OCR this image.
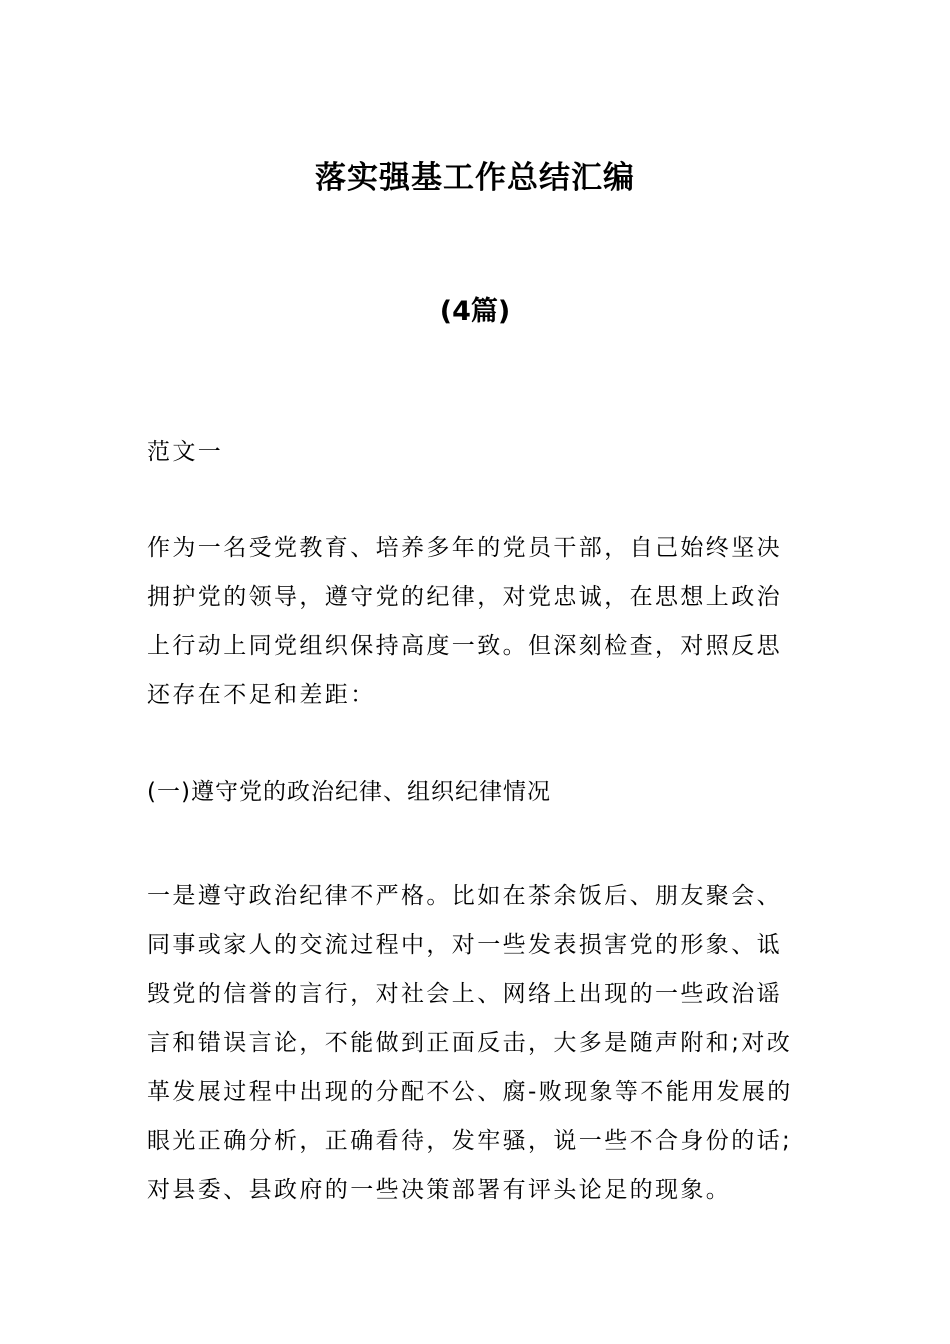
落实强基工作总结汇编
(4篇)

范文一

作为一名受党教育、培养多年的党员干部，自己始终坚决拥护党的领导，遵守党的纪律，对党忠诚，在思想上政治上行动上同党组织保持高度一致。但深刻检查，对照反思还存在不足和差距：

(一)遵守党的政治纪律、组织纪律情况

一是遵守政治纪律不严格。比如在茶余饭后、朋友聚会、同事或家人的交流过程中，对一些发表损害党的形象、诋毁党的信誉的言行，对社会上、网络上出现的一些政治谣言和错误言论，不能做到正面反击，大多是随声附和;对改革发展过程中出现的分配不公、腐-败现象等不能用发展的眼光正确分析，正确看待，发牢骚，说一些不合身份的话;对县委、县政府的一些决策部署有评头论足的现象。
